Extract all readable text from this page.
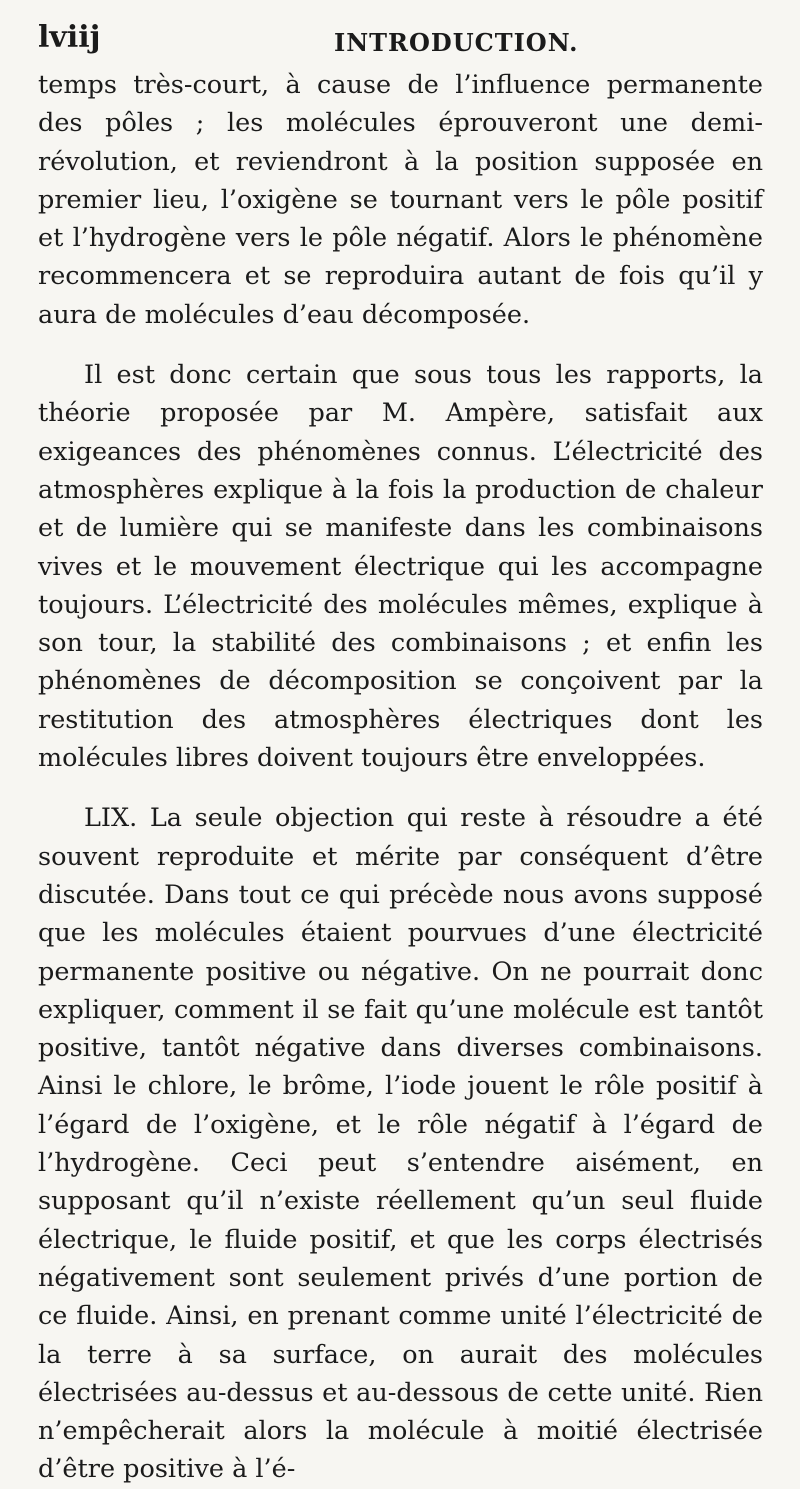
lviij	INTRODUCTION.

temps très-court, à cause de l’influence permanente des pôles ; les molécules éprouveront une demi-révolution, et reviendront à la position supposée en premier lieu, l’oxigène se tournant vers le pôle positif et l’hydrogène vers le pôle négatif. Alors le phénomène recommencera et se reproduira autant de fois qu’il y aura de molécules d’eau décomposée.

Il est donc certain que sous tous les rapports, la théorie proposée par M. Ampère, satisfait aux exigeances des phénomènes connus. L’électricité des atmosphères explique à la fois la production de chaleur et de lumière qui se manifeste dans les combinaisons vives et le mouvement électrique qui les accompagne toujours. L’électricité des molécules mêmes, explique à son tour, la stabilité des combinaisons ; et enfin les phénomènes de décomposition se conçoivent par la restitution des atmosphères électriques dont les molécules libres doivent toujours être enveloppées.

LIX. La seule objection qui reste à résoudre a été souvent reproduite et mérite par conséquent d’être discutée. Dans tout ce qui précède nous avons supposé que les molécules étaient pourvues d’une électricité permanente positive ou négative. On ne pourrait donc expliquer, comment il se fait qu’une molécule est tantôt positive, tantôt négative dans diverses combinaisons. Ainsi le chlore, le brôme, l’iode jouent le rôle positif à l’égard de l’oxigène, et le rôle négatif à l’égard de l’hydrogène. Ceci peut s’entendre aisément, en supposant qu’il n’existe réellement qu’un seul fluide électrique, le fluide positif, et que les corps électrisés négativement sont seulement privés d’une portion de ce fluide. Ainsi, en prenant comme unité l’électricité de la terre à sa surface, on aurait des molécules électrisées au-dessus et au-dessous de cette unité. Rien n’empêcherait alors la molécule à moitié électrisée d’être positive à l’é-
